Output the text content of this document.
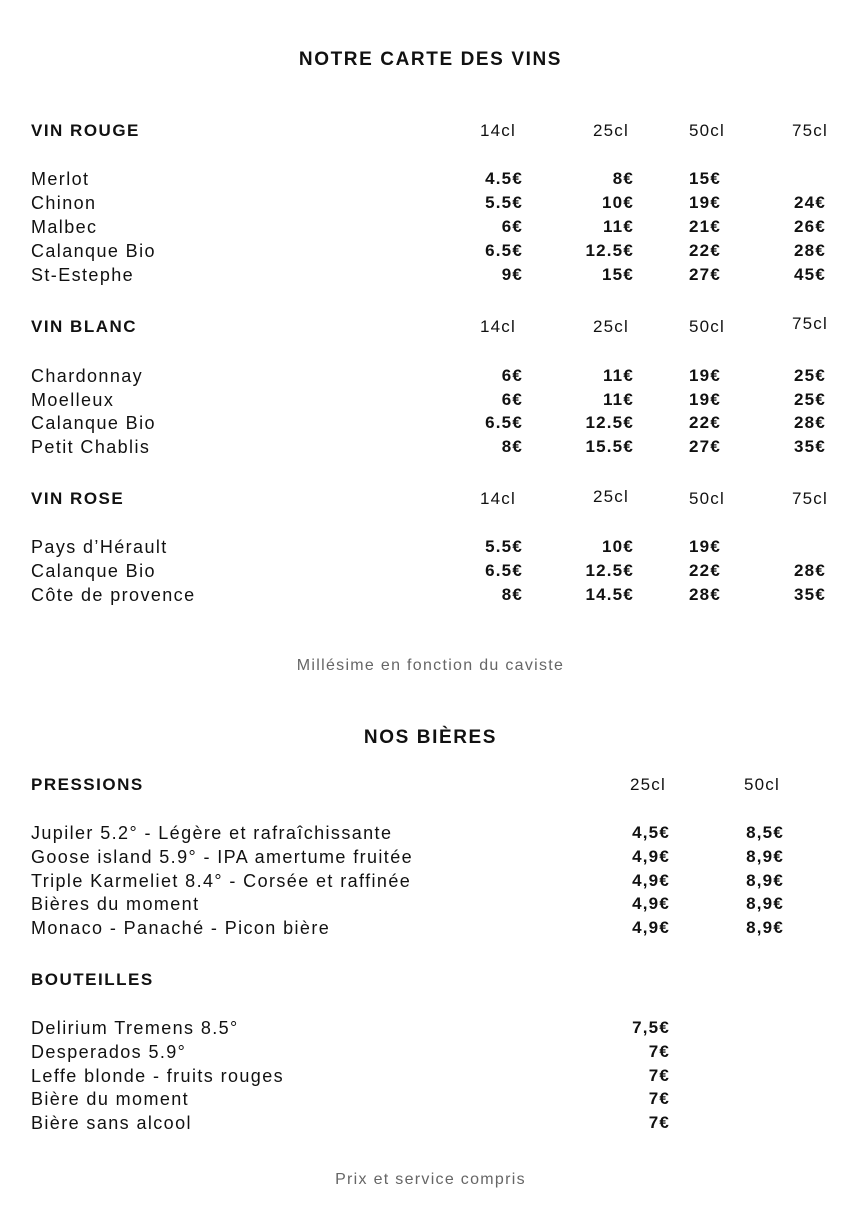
NOTRE CARTE DES VINS
VIN ROUGE	14cl	25cl	50cl	75cl
Merlot	4.5€	8€	15€
Chinon	5.5€	10€	19€	24€
Malbec	6€	11€	21€	26€
Calanque Bio	6.5€	12.5€	22€	28€
St-Estephe	9€	15€	27€	45€
VIN BLANC	14cl	25cl	50cl	75cl
Chardonnay	6€	11€	19€	25€
Moelleux	6€	11€	19€	25€
Calanque Bio	6.5€	12.5€	22€	28€
Petit Chablis	8€	15.5€	27€	35€
VIN ROSE	14cl	25cl	50cl	75cl
Pays d’Hérault	5.5€	10€	19€
Calanque Bio	6.5€	12.5€	22€	28€
Côte de provence	8€	14.5€	28€	35€
Millésime en fonction du caviste
NOS BIÈRES
PRESSIONS	25cl	50cl
Jupiler 5.2° - Légère et rafraîchissante	4,5€	8,5€
Goose island 5.9° - IPA amertume fruitée	4,9€	8,9€
Triple Karmeliet 8.4° - Corsée et raffinée	4,9€	8,9€
Bières du moment	4,9€	8,9€
Monaco - Panaché - Picon bière	4,9€	8,9€
BOUTEILLES
Delirium Tremens 8.5°	7,5€
Desperados 5.9°	7€
Leffe blonde - fruits rouges	7€
Bière du moment	7€
Bière sans alcool	7€
Prix et service compris
